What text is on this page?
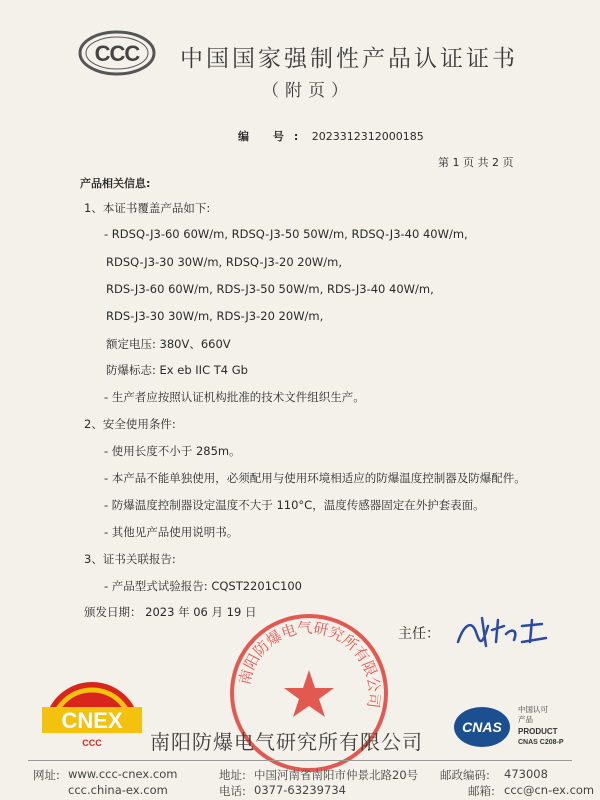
CCC 中国国家强制性产品认证证书
（附页）
编 号: 2023312312000185
第 1 页 共 2 页
产品相关信息:
1、本证书覆盖产品如下:
- RDSQ-J3-60 60W/m, RDSQ-J3-50 50W/m, RDSQ-J3-40 40W/m,
RDSQ-J3-30 30W/m, RDSQ-J3-20 20W/m,
RDS-J3-60 60W/m, RDS-J3-50 50W/m, RDS-J3-40 40W/m,
RDS-J3-30 30W/m, RDS-J3-20 20W/m,
额定电压: 380V、660V
防爆标志: Ex eb IIC T4 Gb
- 生产者应按照认证机构批准的技术文件组织生产。
2、安全使用条件:
- 使用长度不小于 285m。
- 本产品不能单独使用，必须配用与使用环境相适应的防爆温度控制器及防爆配件。
- 防爆温度控制器设定温度不大于 110°C，温度传感器固定在外护套表面。
- 其他见产品使用说明书。
3、证书关联报告:
- 产品型式试验报告: CQST2201C100
颁发日期： 2023 年 06 月 19 日
南阳防爆电气研究所有限公司
主任：
CNEX
CCC 南阳防爆电气研究所有限公司
CNAS
中国认可
产品
PRODUCT
CNAS C208-P
网址: www.ccc-cnex.com
ccc.china-ex.com
地址: 中国河南省南阳市仲景北路20号
电话: 0377-63239734
邮政编码: 473008
邮箱: ccc@cn-ex.com
